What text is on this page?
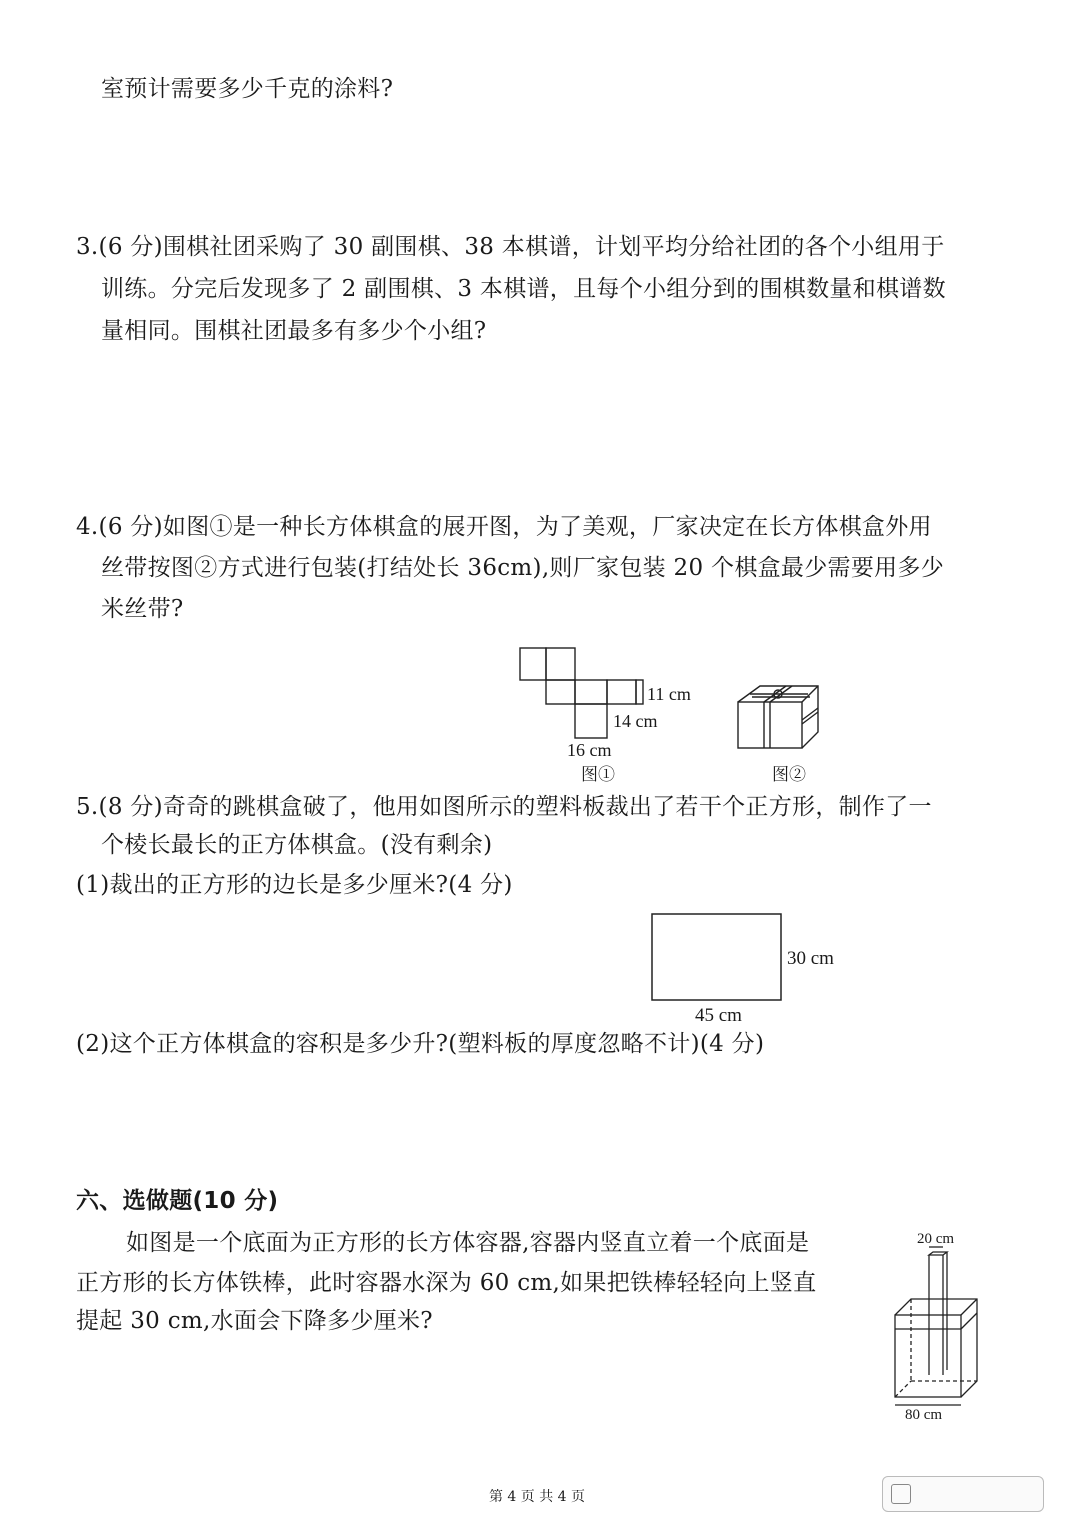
室预计需要多少千克的涂料?
3.(6 分)围棋社团采购了 30 副围棋、38 本棋谱，计划平均分给社团的各个小组用于
训练。分完后发现多了 2 副围棋、3 本棋谱，且每个小组分到的围棋数量和棋谱数
量相同。围棋社团最多有多少个小组?
4.(6 分)如图①是一种长方体棋盒的展开图，为了美观，厂家决定在长方体棋盒外用
丝带按图②方式进行包装(打结处长 36cm),则厂家包装 20 个棋盒最少需要用多少
米丝带?
11 cm
14 cm
16 cm
图①	图②
5.(8 分)奇奇的跳棋盒破了，他用如图所示的塑料板裁出了若干个正方形，制作了一
个棱长最长的正方体棋盒。(没有剩余)
(1)裁出的正方形的边长是多少厘米?(4 分)
30 cm
45 cm
(2)这个正方体棋盒的容积是多少升?(塑料板的厚度忽略不计)(4 分)
六、选做题(10 分)
如图是一个底面为正方形的长方体容器,容器内竖直立着一个底面是
正方形的长方体铁棒，此时容器水深为 60 cm,如果把铁棒轻轻向上竖直
提起 30 cm,水面会下降多少厘米?
20 cm
80 cm
第 4 页 共 4 页
